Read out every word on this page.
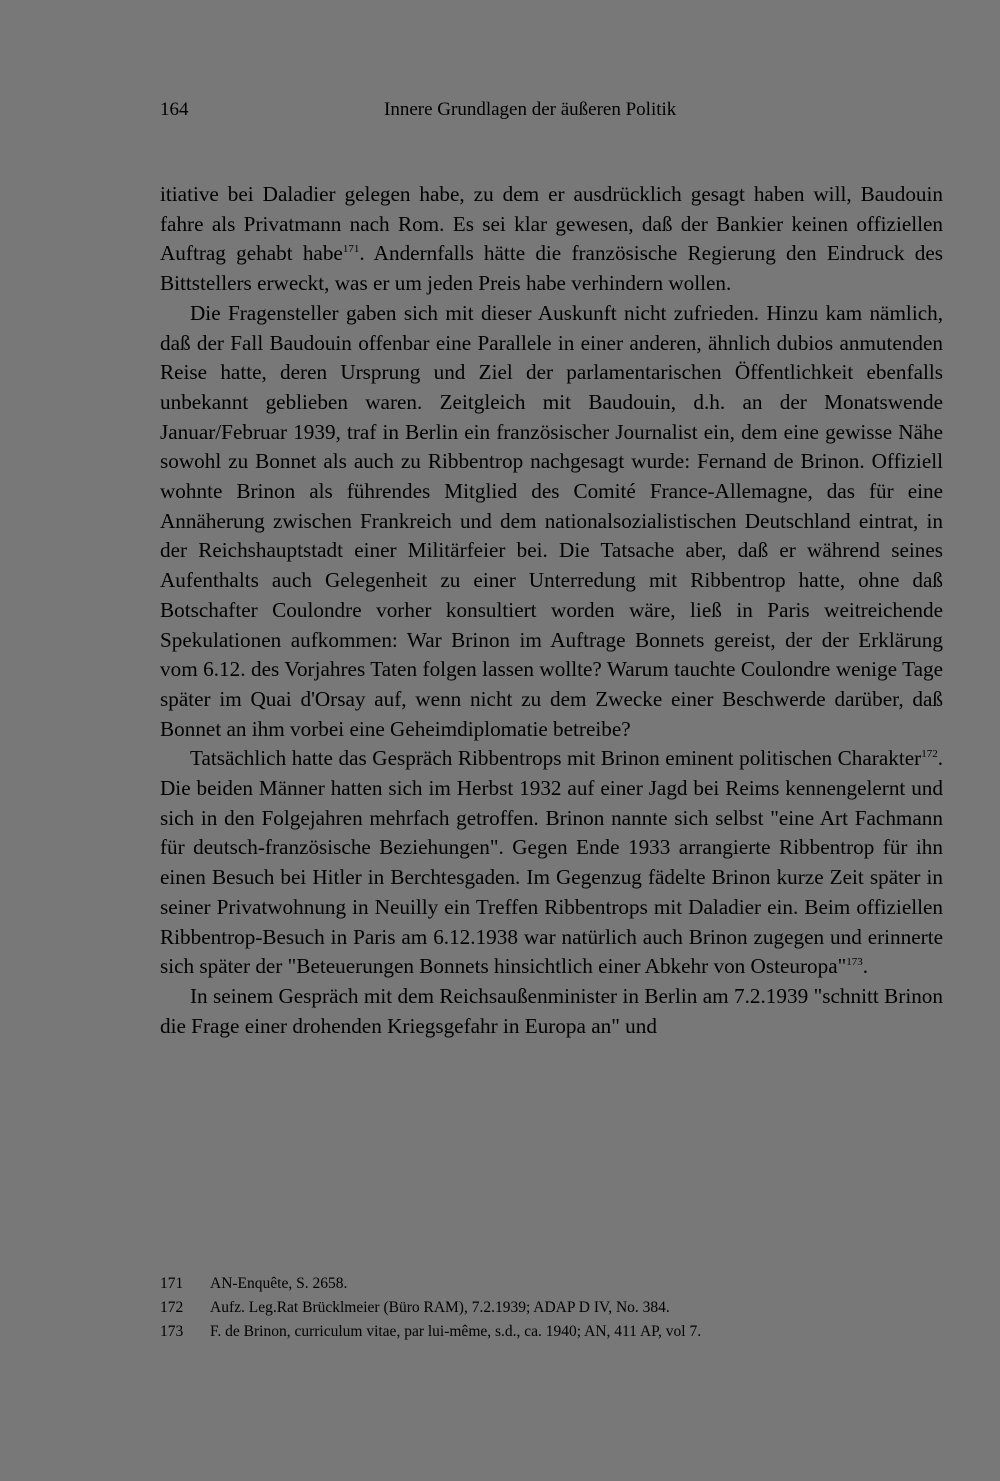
164	Innere Grundlagen der äußeren Politik

itiative bei Daladier gelegen habe, zu dem er ausdrücklich gesagt haben will, Baudouin fahre als Privatmann nach Rom. Es sei klar gewesen, daß der Bankier keinen offiziellen Auftrag gehabt habe$^{171}$. Andernfalls hätte die französische Regierung den Eindruck des Bittstellers erweckt, was er um jeden Preis habe verhindern wollen.

Die Fragensteller gaben sich mit dieser Auskunft nicht zufrieden. Hinzu kam nämlich, daß der Fall Baudouin offenbar eine Parallele in einer anderen, ähnlich dubios anmutenden Reise hatte, deren Ursprung und Ziel der parlamentarischen Öffentlichkeit ebenfalls unbekannt geblieben waren. Zeitgleich mit Baudouin, d.h. an der Monatswende Januar/Februar 1939, traf in Berlin ein französischer Journalist ein, dem eine gewisse Nähe sowohl zu Bonnet als auch zu Ribbentrop nachgesagt wurde: Fernand de Brinon. Offiziell wohnte Brinon als führendes Mitglied des Comité France-Allemagne, das für eine Annäherung zwischen Frankreich und dem nationalsozialistischen Deutschland eintrat, in der Reichshauptstadt einer Militärfeier bei. Die Tatsache aber, daß er während seines Aufenthalts auch Gelegenheit zu einer Unterredung mit Ribbentrop hatte, ohne daß Botschafter Coulondre vorher konsultiert worden wäre, ließ in Paris weitreichende Spekulationen aufkommen: War Brinon im Auftrage Bonnets gereist, der der Erklärung vom 6.12. des Vorjahres Taten folgen lassen wollte? Warum tauchte Coulondre wenige Tage später im Quai d'Orsay auf, wenn nicht zu dem Zwecke einer Beschwerde darüber, daß Bonnet an ihm vorbei eine Geheimdiplomatie betreibe?

Tatsächlich hatte das Gespräch Ribbentrops mit Brinon eminent politischen Charakter$^{172}$. Die beiden Männer hatten sich im Herbst 1932 auf einer Jagd bei Reims kennengelernt und sich in den Folgejahren mehrfach getroffen. Brinon nannte sich selbst "eine Art Fachmann für deutsch-französische Beziehungen". Gegen Ende 1933 arrangierte Ribbentrop für ihn einen Besuch bei Hitler in Berchtesgaden. Im Gegenzug fädelte Brinon kurze Zeit später in seiner Privatwohnung in Neuilly ein Treffen Ribbentrops mit Daladier ein. Beim offiziellen Ribbentrop-Besuch in Paris am 6.12.1938 war natürlich auch Brinon zugegen und erinnerte sich später der "Beteuerungen Bonnets hinsichtlich einer Abkehr von Osteuropa"$^{173}$.

In seinem Gespräch mit dem Reichsaußenminister in Berlin am 7.2.1939 "schnitt Brinon die Frage einer drohenden Kriegsgefahr in Europa an" und

171	AN-Enquête, S. 2658.
172	Aufz. Leg.Rat Brücklmeier (Büro RAM), 7.2.1939; ADAP D IV, No. 384.
173	F. de Brinon, curriculum vitae, par lui-même, s.d., ca. 1940; AN, 411 AP, vol 7.
